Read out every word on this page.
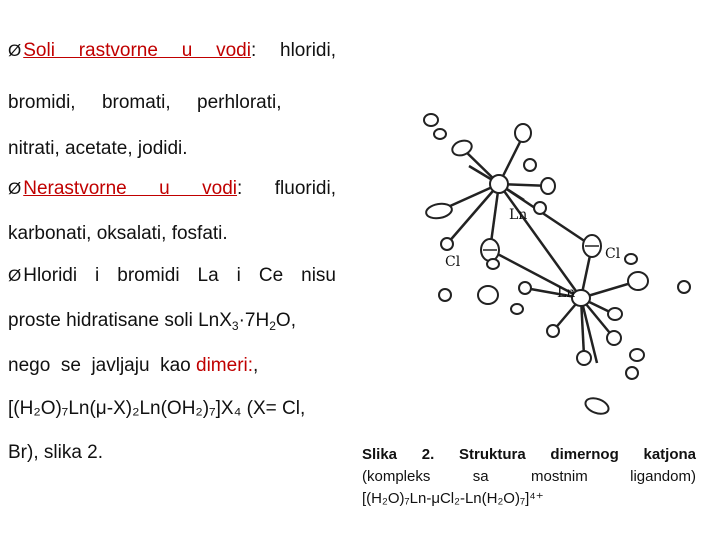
Ø Soli rastvorne u vodi: hloridi,
bromidi,     bromati,     perhlorati,
nitrati, acetate, jodidi.
Ø Nerastvorne u vodi: fluoridi,
karbonati, oksalati, fosfati.
Ø Hloridi i bromidi La i Ce nisu
proste hidratisane soli $LnX_3\cdot 7H_2O$,
nego  se  javljaju  kao dimeri:,
[(H₂O)₇Ln(μ-X)₂Ln(OH₂)₇]X₄ (X= Cl,
Br), slika 2.
Ln
Ln
Cl	Cl
Slika 2. Struktura dimernog katjona
(kompleks sa mostnim ligandom)
[(H₂O)₇Ln-μCl₂-Ln(H₂O)₇]⁴⁺
